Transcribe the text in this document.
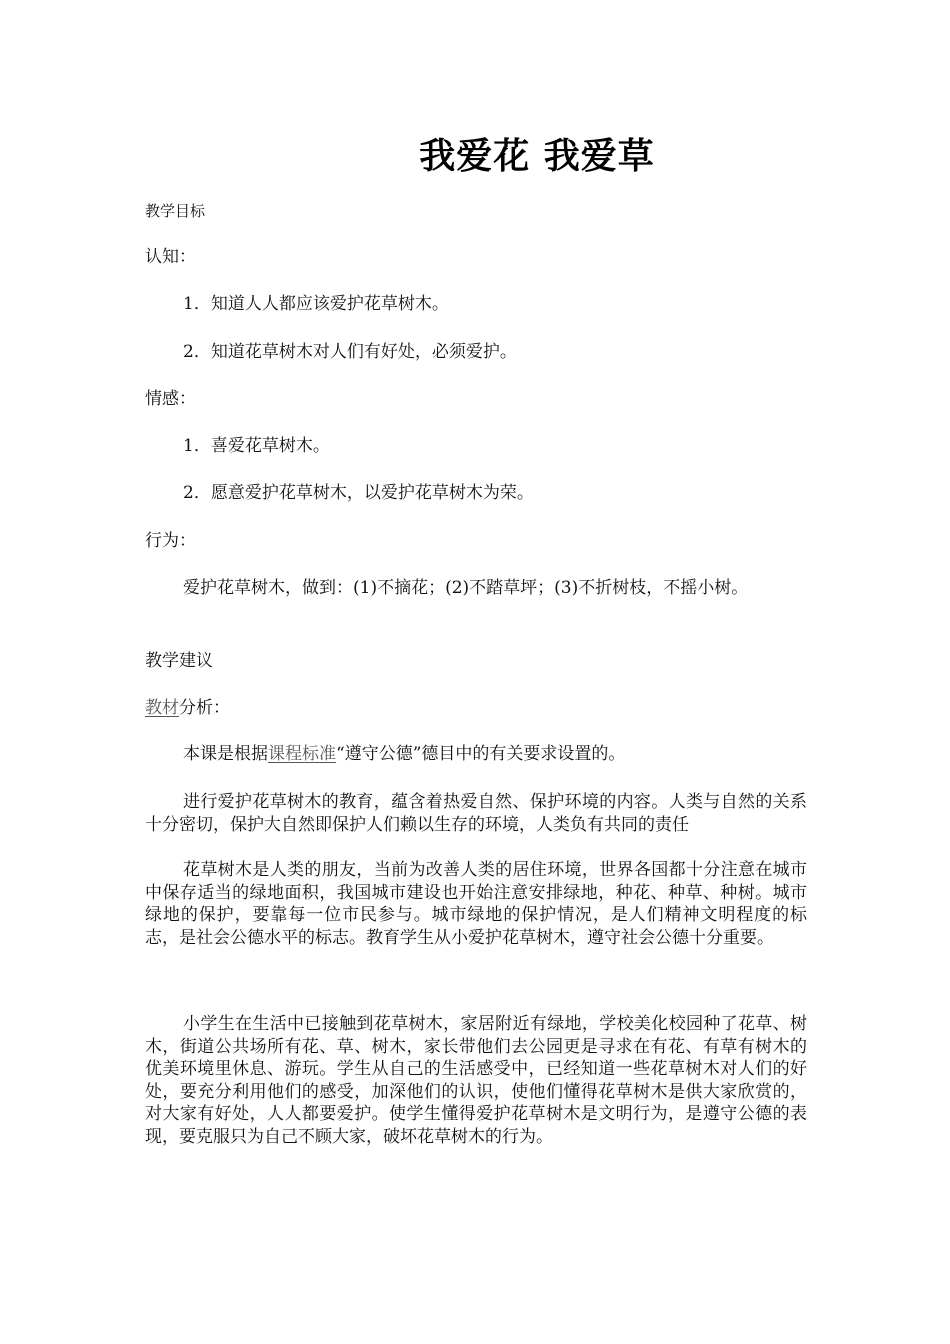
我爱花 我爱草
教学目标
认知：
1．知道人人都应该爱护花草树木。
2．知道花草树木对人们有好处，必须爱护。
情感：
1．喜爱花草树木。
2．愿意爱护花草树木，以爱护花草树木为荣。
行为：
爱护花草树木，做到：(1)不摘花；(2)不踏草坪；(3)不折树枝，不摇小树。
教学建议
教材分析：
本课是根据课程标准“遵守公德”德目中的有关要求设置的。
进行爱护花草树木的教育，蕴含着热爱自然、保护环境的内容。人类与自然的关系十分密切，保护大自然即保护人们赖以生存的环境，人类负有共同的责任
花草树木是人类的朋友，当前为改善人类的居住环境，世界各国都十分注意在城市中保存适当的绿地面积，我国城市建设也开始注意安排绿地，种花、种草、种树。城市绿地的保护，要靠每一位市民参与。城市绿地的保护情况，是人们精神文明程度的标志，是社会公德水平的标志。教育学生从小爱护花草树木，遵守社会公德十分重要。
小学生在生活中已接触到花草树木，家居附近有绿地，学校美化校园种了花草、树木，街道公共场所有花、草、树木，家长带他们去公园更是寻求在有花、有草有树木的优美环境里休息、游玩。学生从自己的生活感受中，已经知道一些花草树木对人们的好处，要充分利用他们的感受，加深他们的认识，使他们懂得花草树木是供大家欣赏的，对大家有好处，人人都要爱护。使学生懂得爱护花草树木是文明行为，是遵守公德的表现，要克服只为自己不顾大家，破坏花草树木的行为。
